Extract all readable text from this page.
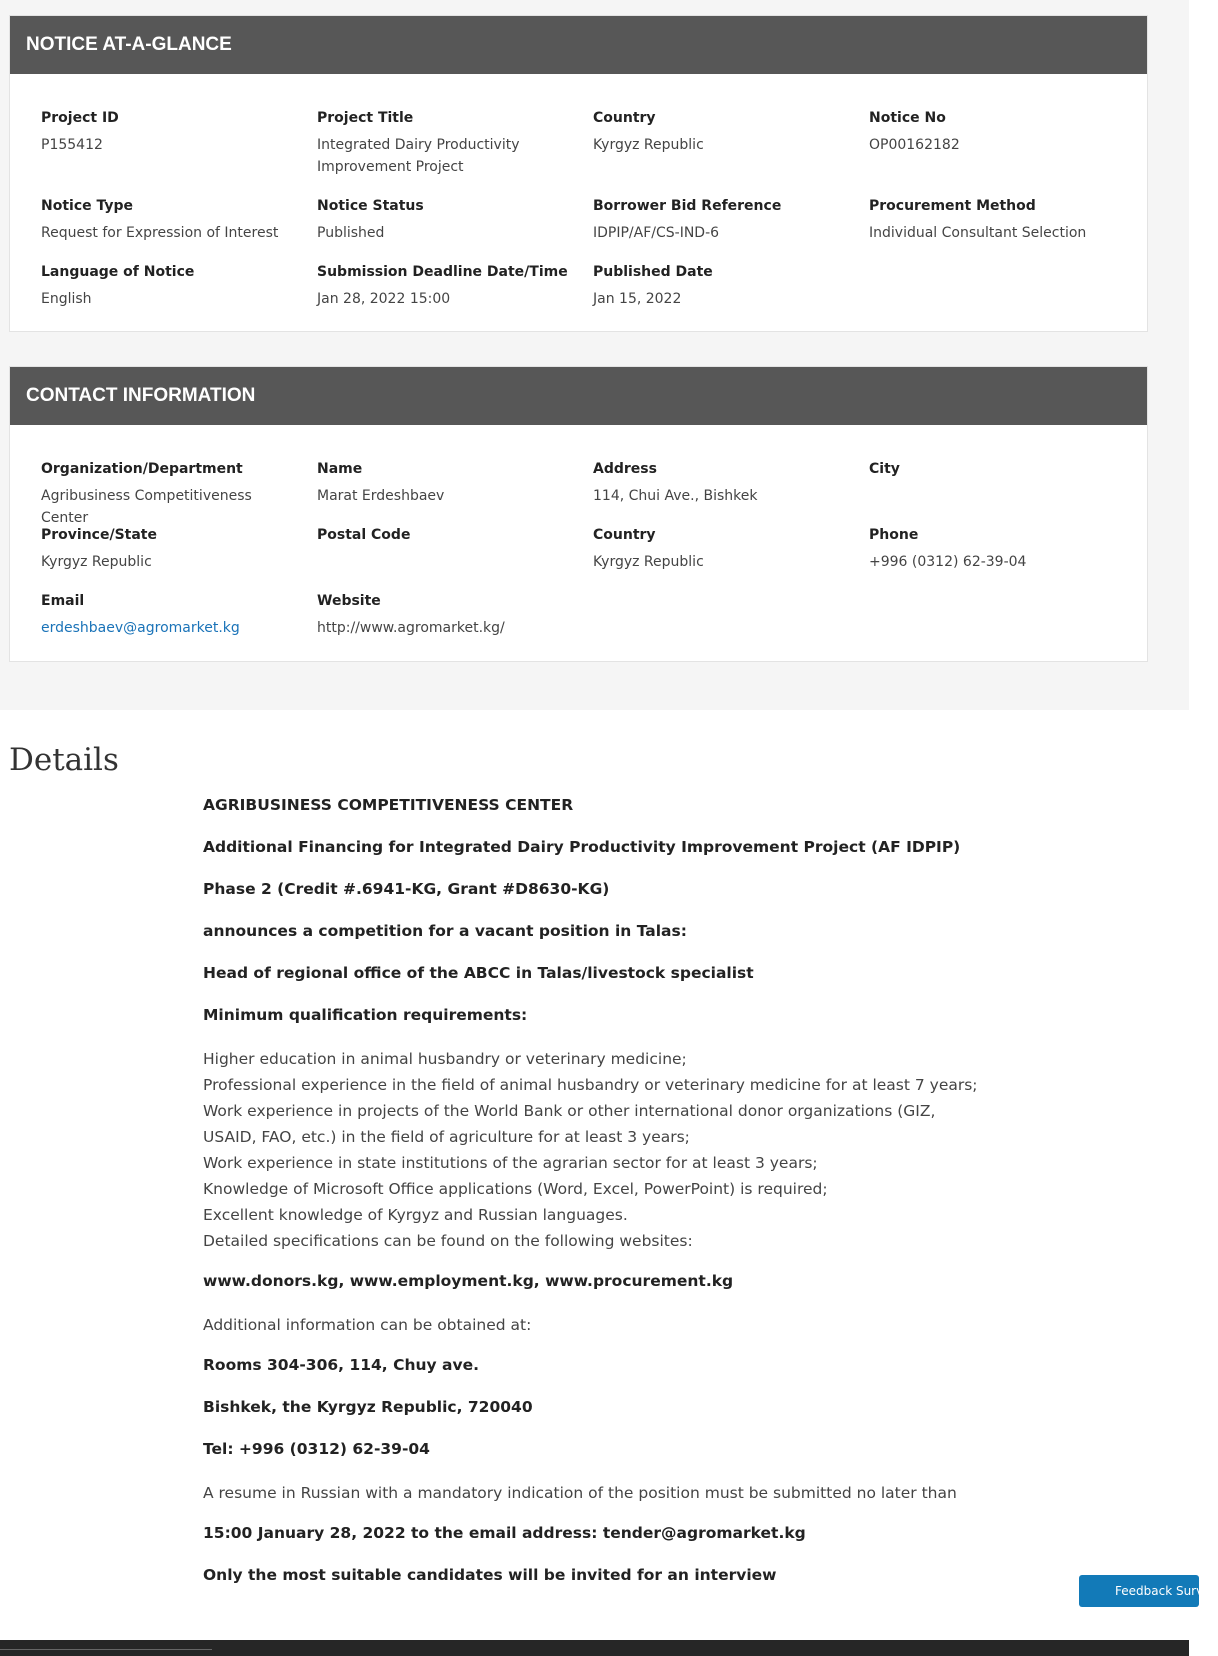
NOTICE AT-A-GLANCE
Project ID
P155412
Project Title
Integrated Dairy Productivity Improvement Project
Country
Kyrgyz Republic
Notice No
OP00162182
Notice Type
Request for Expression of Interest
Notice Status
Published
Borrower Bid Reference
IDPIP/AF/CS-IND-6
Procurement Method
Individual Consultant Selection
Language of Notice
English
Submission Deadline Date/Time
Jan 28, 2022 15:00
Published Date
Jan 15, 2022
CONTACT INFORMATION
Organization/Department
Agribusiness Competitiveness Center
Name
Marat Erdeshbaev
Address
114, Chui Ave., Bishkek
City
Province/State
Kyrgyz Republic
Postal Code	Country
Kyrgyz Republic
Phone
+996 (0312) 62-39-04
Email
erdeshbaev@agromarket.kg
Website
http://www.agromarket.kg/
Details
AGRIBUSINESS COMPETITIVENESS CENTER
Additional Financing for Integrated Dairy Productivity Improvement Project (AF IDPIP)
Phase 2 (Credit #.6941-KG, Grant #D8630-KG)
announces a competition for a vacant position in Talas:
Head of regional office of the ABCC in Talas/livestock specialist
Minimum qualification requirements:
Higher education in animal husbandry or veterinary medicine;
Professional experience in the field of animal husbandry or veterinary medicine for at least 7 years;
Work experience in projects of the World Bank or other international donor organizations (GIZ,
USAID, FAO, etc.) in the field of agriculture for at least 3 years;
Work experience in state institutions of the agrarian sector for at least 3 years;
Knowledge of Microsoft Office applications (Word, Excel, PowerPoint) is required;
Excellent knowledge of Kyrgyz and Russian languages.
Detailed specifications can be found on the following websites:
www.donors.kg, www.employment.kg, www.procurement.kg
Additional information can be obtained at:
Rooms 304-306, 114, Chuy ave.
Bishkek, the Kyrgyz Republic, 720040
Tel: +996 (0312) 62-39-04
A resume in Russian with a mandatory indication of the position must be submitted no later than
15:00 January 28, 2022 to the email address: tender@agromarket.kg
Only the most suitable candidates will be invited for an interview
Feedback Survey
